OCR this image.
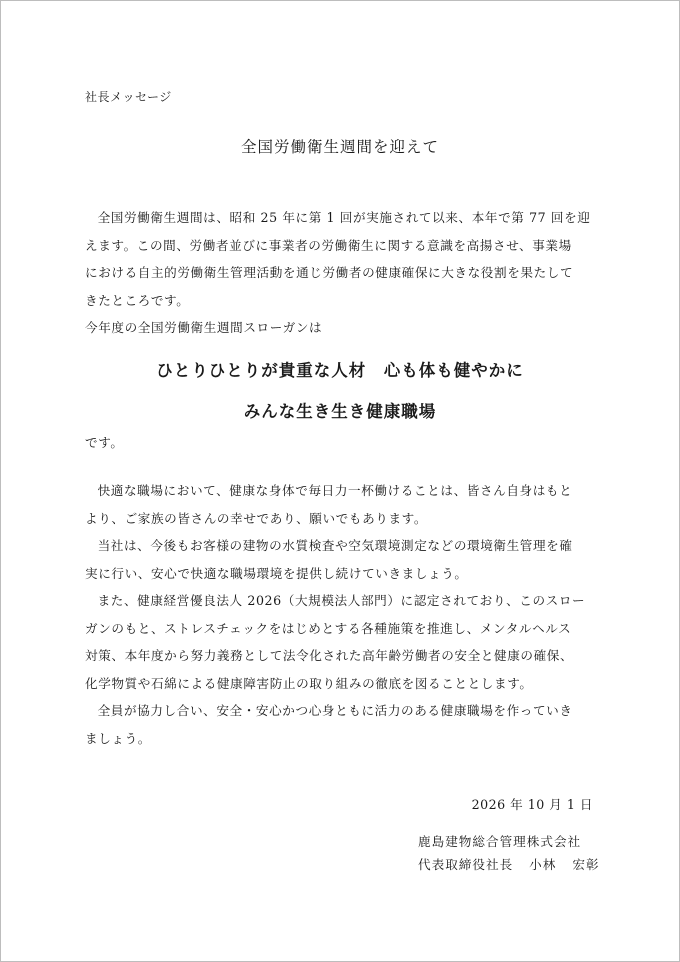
社長メッセージ
全国労働衛生週間を迎えて

全国労働衛生週間は、昭和 25 年に第 1 回が実施されて以来、本年で第 77 回を迎
えます。この間、労働者並びに事業者の労働衛生に関する意識を高揚させ、事業場
における自主的労働衛生管理活動を通じ労働者の健康確保に大きな役割を果たして
きたところです。

今年度の全国労働衛生週間スローガンは

ひとりひとりが貴重な人材　心も体も健やかに
みんな生き生き健康職場

です。

快適な職場において、健康な身体で毎日力一杯働けることは、皆さん自身はもと
より、ご家族の皆さんの幸せであり、願いでもあります。
当社は、今後もお客様の建物の水質検査や空気環境測定などの環境衛生管理を確
実に行い、安心で快適な職場環境を提供し続けていきましょう。
また、健康経営優良法人 2026（大規模法人部門）に認定されており、このスロー
ガンのもと、ストレスチェックをはじめとする各種施策を推進し、メンタルヘルス
対策、本年度から努力義務として法令化された高年齢労働者の安全と健康の確保、
化学物質や石綿による健康障害防止の取り組みの徹底を図ることとします。
全員が協力し合い、安全・安心かつ心身ともに活力のある健康職場を作っていき
ましょう。

2026 年 10 月 1 日
鹿島建物総合管理株式会社
代表取締役社長 小林 宏彰
